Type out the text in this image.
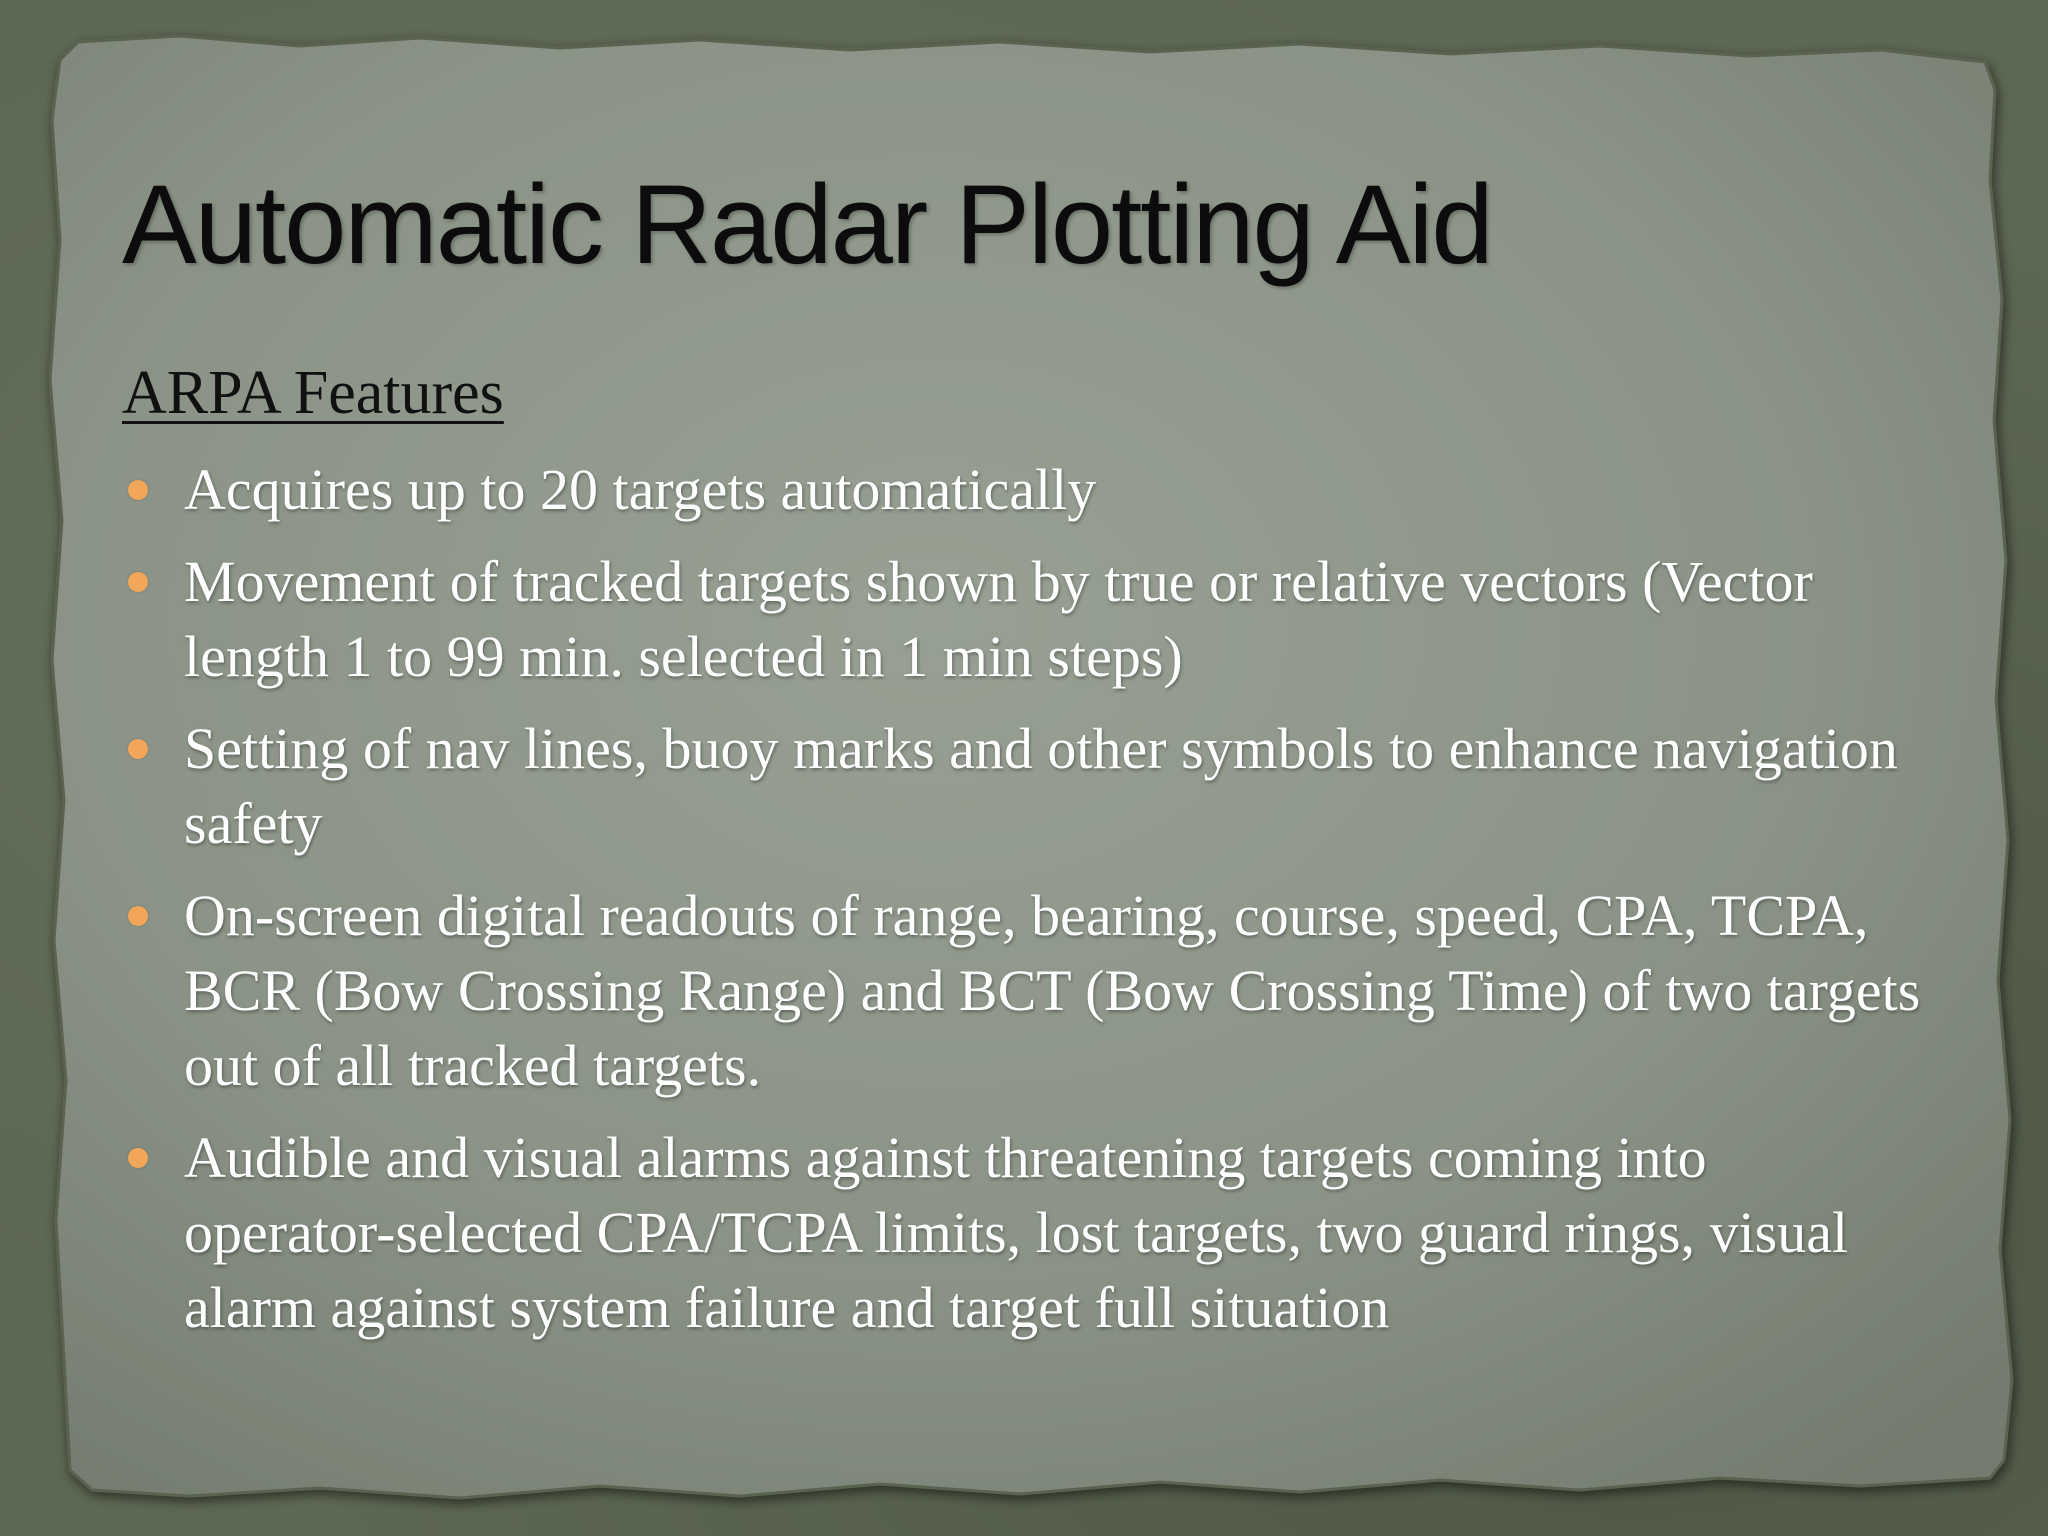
Automatic Radar Plotting Aid
ARPA Features
Acquires up to 20 targets automatically
Movement of tracked targets shown by true or relative vectors (Vector length 1 to 99 min. selected in 1 min steps)
Setting of nav lines, buoy marks and other symbols to enhance navigation safety
On-screen digital readouts of range, bearing, course, speed, CPA, TCPA, BCR (Bow Crossing Range) and BCT (Bow Crossing Time) of two targets out of all tracked targets.
Audible and visual alarms against threatening targets coming into operator-selected CPA/TCPA limits, lost targets, two guard rings, visual alarm against system failure and target full situation
